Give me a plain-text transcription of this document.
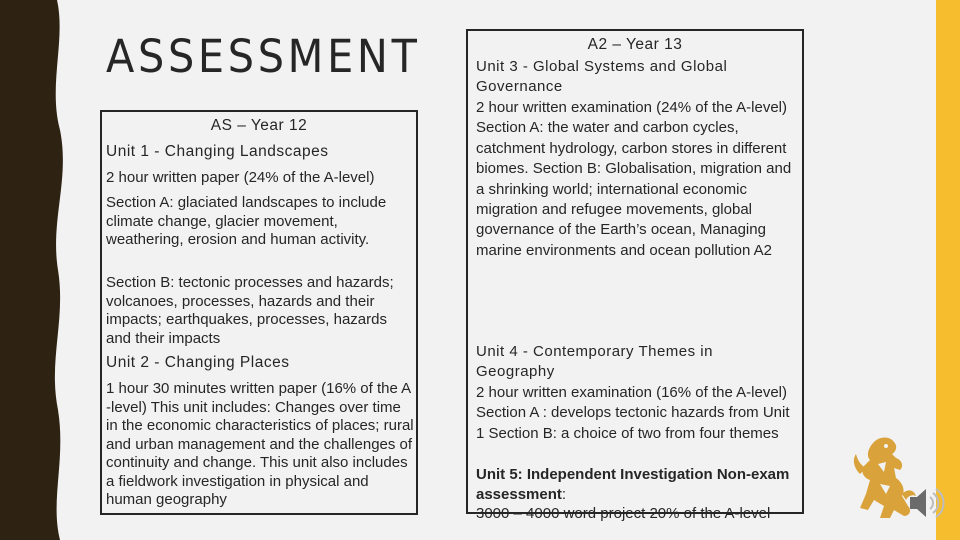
ASSESSMENT

AS – Year 12

Unit 1 - Changing Landscapes

2 hour written paper (24% of the A-level)

Section A: glaciated landscapes to include climate change, glacier movement, weathering, erosion and human activity.

Section B: tectonic processes and hazards; volcanoes, processes, hazards and their impacts; earthquakes, processes, hazards and their impacts

Unit 2 - Changing Places

1 hour 30 minutes written paper (16% of the A -level) This unit includes: Changes over time in the economic characteristics of places; rural and urban management and the challenges of continuity and change. This unit also includes a fieldwork investigation in physical and human geography

A2 – Year 13

Unit 3 - Global Systems and Global Governance

2 hour written examination (24% of the A-level) Section A: the water and carbon cycles, catchment hydrology, carbon stores in different biomes. Section B: Globalisation, migration and a shrinking world; international economic migration and refugee movements, global governance of the Earth’s ocean, Managing marine environments and ocean pollution A2

Unit 4 - Contemporary Themes in Geography

2 hour written examination (16% of the A-level) Section A : develops tectonic hazards from Unit 1 Section B: a choice of two from four themes

Unit 5: Independent Investigation Non-exam assessment:

3000 – 4000 word project 20% of the A-level
